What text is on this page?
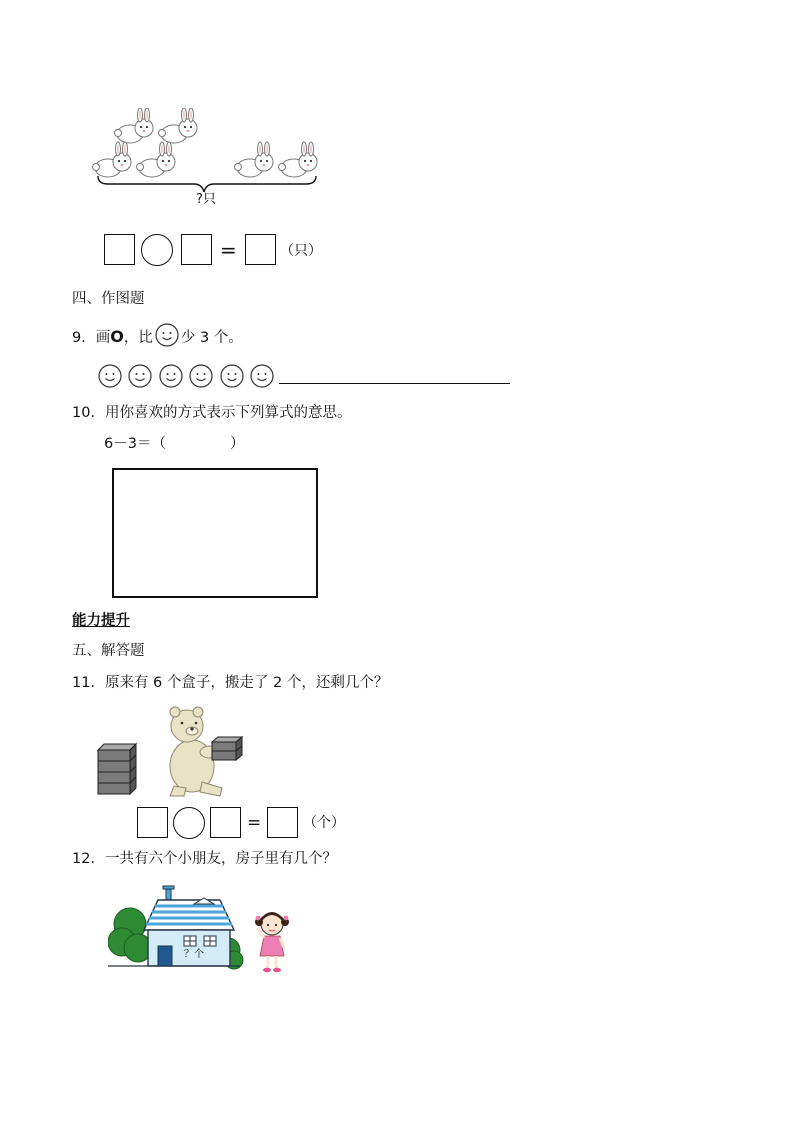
?只
=	（只）
四、作图题
9．画O，比 少 3 个。
10．用你喜欢的方式表示下列算式的意思。
6－3＝（	）
能力提升
五、解答题
11．原来有 6 个盒子，搬走了 2 个，还剩几个？
=	（个）
12．一共有六个小朋友，房子里有几个？
？个
